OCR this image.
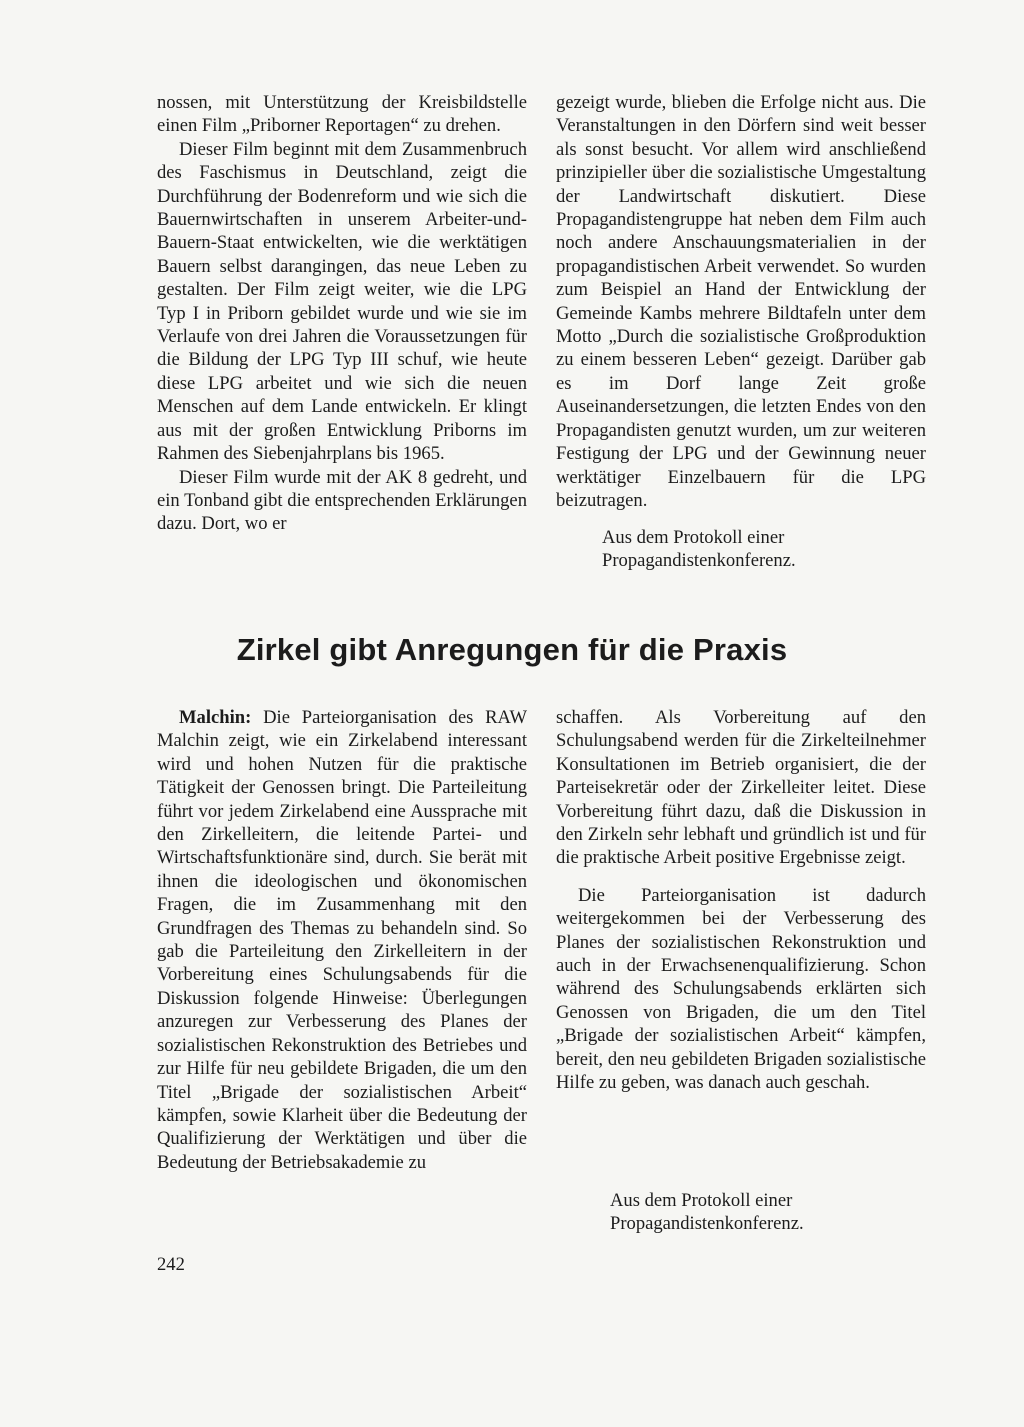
nossen, mit Unterstützung der Kreisbildstelle einen Film „Priborner Reportagen“ zu drehen.

Dieser Film beginnt mit dem Zusammenbruch des Faschismus in Deutschland, zeigt die Durchführung der Bodenreform und wie sich die Bauernwirtschaften in unserem Arbeiter-und-Bauern-Staat entwickelten, wie die werktätigen Bauern selbst darangingen, das neue Leben zu gestalten. Der Film zeigt weiter, wie die LPG Typ I in Priborn gebildet wurde und wie sie im Verlaufe von drei Jahren die Voraussetzungen für die Bildung der LPG Typ III schuf, wie heute diese LPG arbeitet und wie sich die neuen Menschen auf dem Lande entwickeln. Er klingt aus mit der großen Entwicklung Priborns im Rahmen des Siebenjahrplans bis 1965.

Dieser Film wurde mit der AK 8 gedreht, und ein Tonband gibt die entsprechenden Erklärungen dazu. Dort, wo er

gezeigt wurde, blieben die Erfolge nicht aus. Die Veranstaltungen in den Dörfern sind weit besser als sonst besucht. Vor allem wird anschließend prinzipieller über die sozialistische Umgestaltung der Landwirtschaft diskutiert. Diese Propagandistengruppe hat neben dem Film auch noch andere Anschauungsmaterialien in der propagandistischen Arbeit verwendet. So wurden zum Beispiel an Hand der Entwicklung der Gemeinde Kambs mehrere Bildtafeln unter dem Motto „Durch die sozialistische Großproduktion zu einem besseren Leben“ gezeigt. Darüber gab es im Dorf lange Zeit große Auseinandersetzungen, die letzten Endes von den Propagandisten genutzt wurden, um zur weiteren Festigung der LPG und der Gewinnung neuer werktätiger Einzelbauern für die LPG beizutragen.

Aus dem Protokoll einer Propagandistenkonferenz.
Zirkel gibt Anregungen für die Praxis

Malchin: Die Parteiorganisation des RAW Malchin zeigt, wie ein Zirkelabend interessant wird und hohen Nutzen für die praktische Tätigkeit der Genossen bringt. Die Parteileitung führt vor jedem Zirkelabend eine Aussprache mit den Zirkelleitern, die leitende Partei- und Wirtschaftsfunktionäre sind, durch. Sie berät mit ihnen die ideologischen und ökonomischen Fragen, die im Zusammenhang mit den Grundfragen des Themas zu behandeln sind. So gab die Parteileitung den Zirkelleitern in der Vorbereitung eines Schulungsabends für die Diskussion folgende Hinweise: Überlegungen anzuregen zur Verbesserung des Planes der sozialistischen Rekonstruktion des Betriebes und zur Hilfe für neu gebildete Brigaden, die um den Titel „Brigade der sozialistischen Arbeit“ kämpfen, sowie Klarheit über die Bedeutung der Qualifizierung der Werktätigen und über die Bedeutung der Betriebsakademie zu

schaffen. Als Vorbereitung auf den Schulungsabend werden für die Zirkelteilnehmer Konsultationen im Betrieb organisiert, die der Parteisekretär oder der Zirkelleiter leitet. Diese Vorbereitung führt dazu, daß die Diskussion in den Zirkeln sehr lebhaft und gründlich ist und für die praktische Arbeit positive Ergebnisse zeigt.

Die Parteiorganisation ist dadurch weitergekommen bei der Verbesserung des Planes der sozialistischen Rekonstruktion und auch in der Erwachsenenqualifizierung. Schon während des Schulungsabends erklärten sich Genossen von Brigaden, die um den Titel „Brigade der sozialistischen Arbeit“ kämpfen, bereit, den neu gebildeten Brigaden sozialistische Hilfe zu geben, was danach auch geschah.

Aus dem Protokoll einer Propagandistenkonferenz.
242
